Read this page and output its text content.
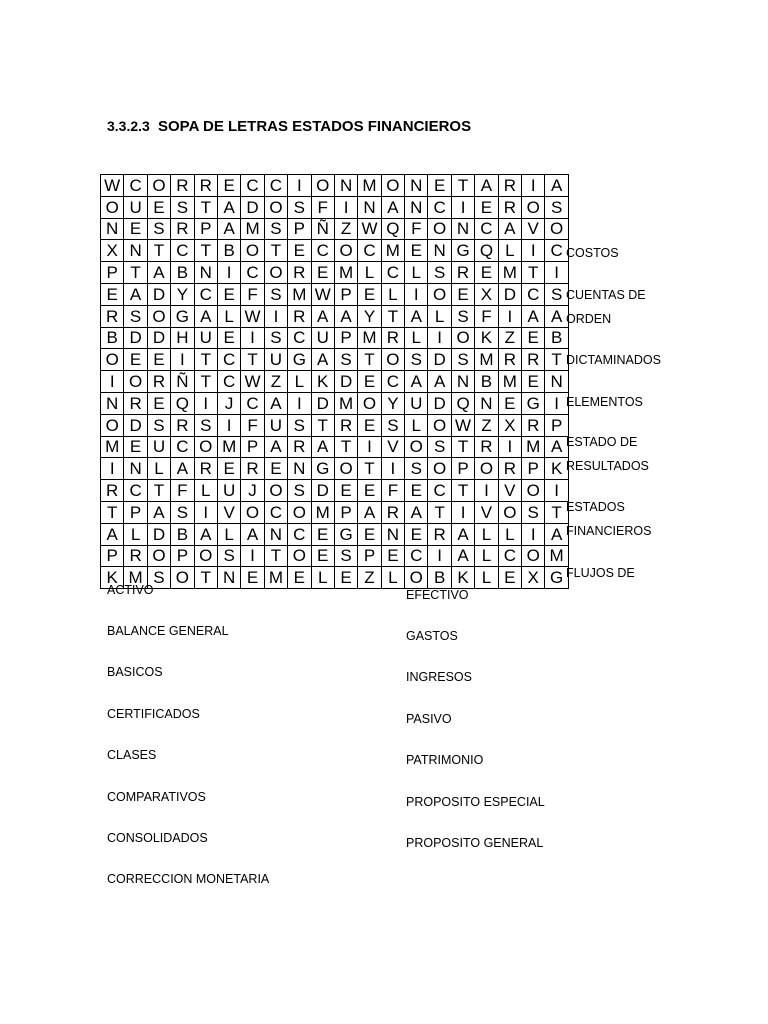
3.3.2.3 SOPA DE LETRAS ESTADOS FINANCIEROS
W	C	O	R	R	E	C	C	I	O	N	M	O	N	E	T	A	R	I	A
O	U	E	S	T	A	D	O	S	F	I	N	A	N	C	I	E	R	O	S
N	E	S	R	P	A	M	S	P	Ñ	Z	W	Q	F	O	N	C	A	V	O
X	N	T	C	T	B	O	T	E	C	O	C	M	E	N	G	Q	L	I	C
P	T	A	B	N	I	C	O	R	E	M	L	C	L	S	R	E	M	T	I
E	A	D	Y	C	E	F	S	M	W	P	E	L	I	O	E	X	D	C	S
R	S	O	G	A	L	W	I	R	A	A	Y	T	A	L	S	F	I	A	A
B	D	D	H	U	E	I	S	C	U	P	M	R	L	I	O	K	Z	E	B
O	E	E	I	T	C	T	U	G	A	S	T	O	S	D	S	M	R	R	T
I	O	R	Ñ	T	C	W	Z	L	K	D	E	C	A	A	N	B	M	E	N
N	R	E	Q	I	J	C	A	I	D	M	O	Y	U	D	Q	N	E	G	I
O	D	S	R	S	I	F	U	S	T	R	E	S	L	O	W	Z	X	R	P
M	E	U	C	O	M	P	A	R	A	T	I	V	O	S	T	R	I	M	A
I	N	L	A	R	E	R	E	N	G	O	T	I	S	O	P	O	R	P	K
R	C	T	F	L	U	J	O	S	D	E	E	F	E	C	T	I	V	O	I
T	P	A	S	I	V	O	C	O	M	P	A	R	A	T	I	V	O	S	T
A	L	D	B	A	L	A	N	C	E	G	E	N	E	R	A	L	L	I	A
P	R	O	P	O	S	I	T	O	E	S	P	E	C	I	A	L	C	O	M
K	M	S	O	T	N	E	M	E	L	E	Z	L	O	B	K	L	E	X	G
COSTOS
CUENTAS DE
ORDEN
DICTAMINADOS
ELEMENTOS
ESTADO DE
RESULTADOS
ESTADOS
FINANCIEROS
FLUJOS DE
ACTIVO
BALANCE GENERAL
BASICOS
CERTIFICADOS
CLASES
COMPARATIVOS
CONSOLIDADOS
CORRECCION MONETARIA
EFECTIVO
GASTOS
INGRESOS
PASIVO
PATRIMONIO
PROPOSITO ESPECIAL
PROPOSITO GENERAL
